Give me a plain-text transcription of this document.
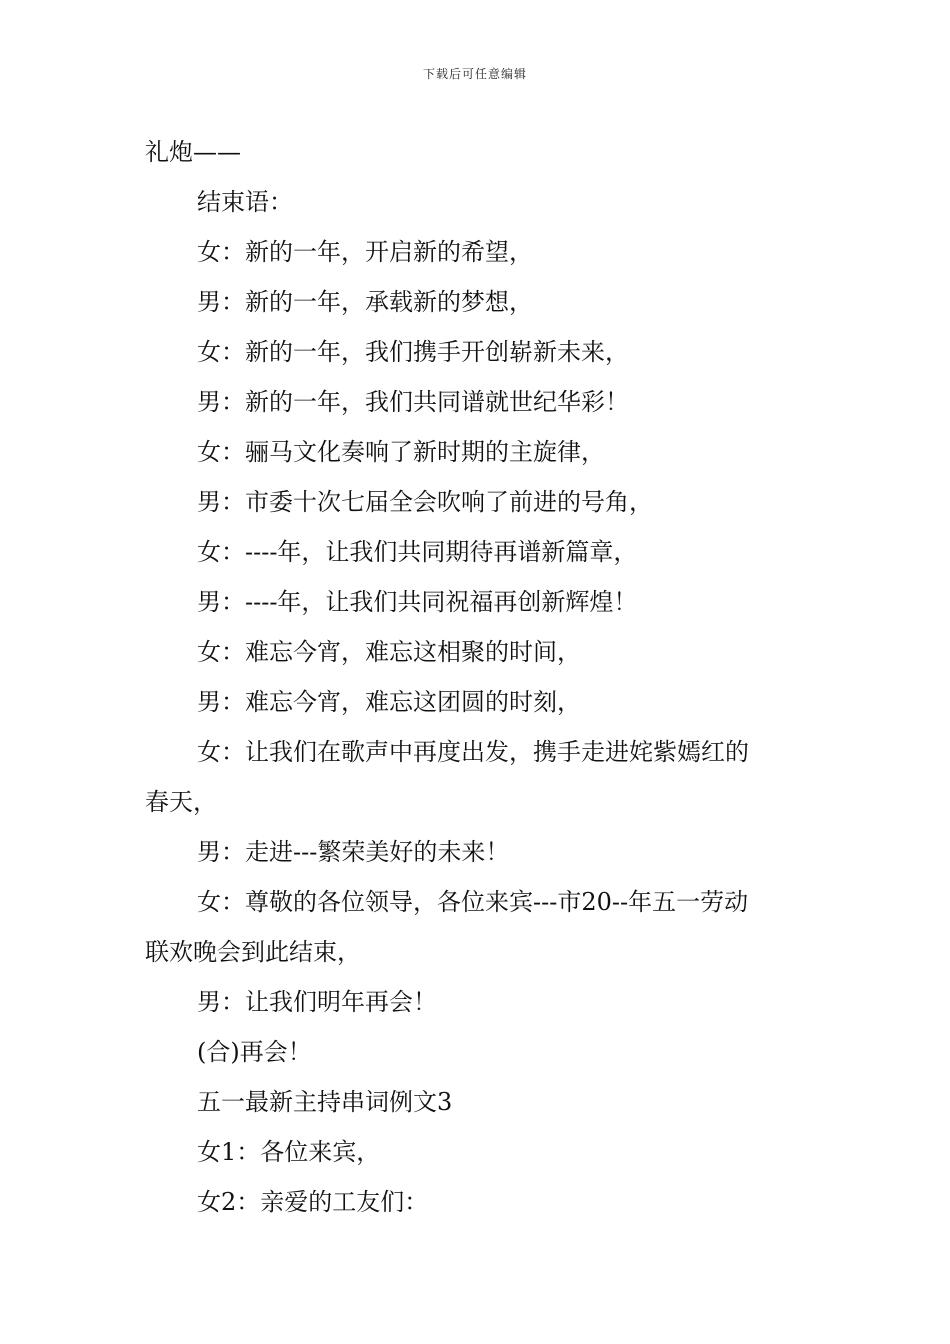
下载后可任意编辑

礼炮——

结束语：

女：新的一年，开启新的希望，

男：新的一年，承载新的梦想，

女：新的一年，我们携手开创崭新未来，

男：新的一年，我们共同谱就世纪华彩！

女：骊马文化奏响了新时期的主旋律，

男：市委十次七届全会吹响了前进的号角，

女：----年，让我们共同期待再谱新篇章，

男：----年，让我们共同祝福再创新辉煌！

女：难忘今宵，难忘这相聚的时间，

男：难忘今宵，难忘这团圆的时刻，

女：让我们在歌声中再度出发，携手走进姹紫嫣红的

春天，

男：走进---繁荣美好的未来！

女：尊敬的各位领导，各位来宾---市20--年五一劳动

联欢晚会到此结束，

男：让我们明年再会！

(合)再会！

五一最新主持串词例文3

女1：各位来宾，

女2：亲爱的工友们：
